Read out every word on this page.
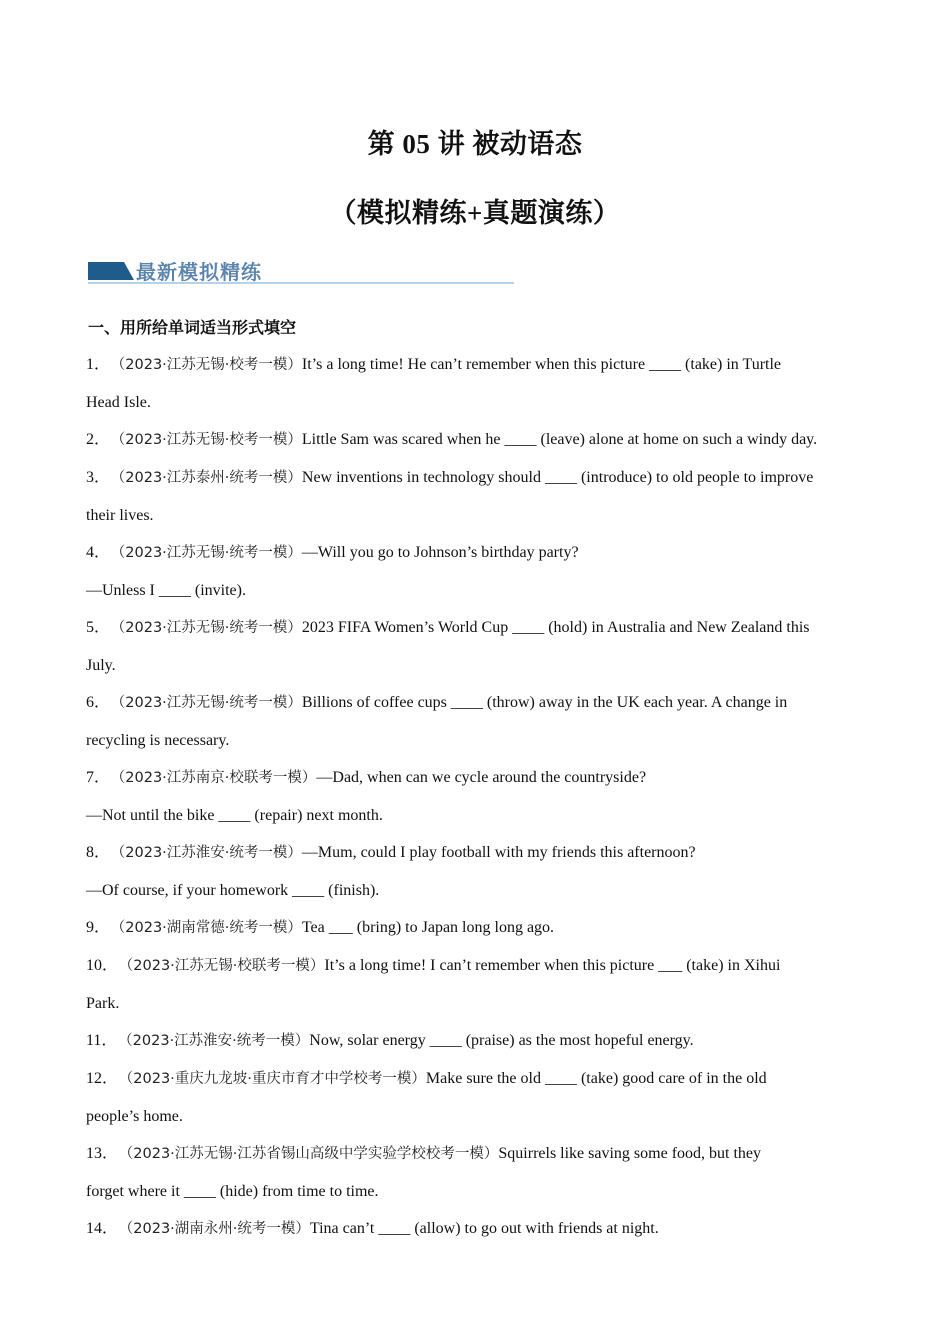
第 05 讲 被动语态
（模拟精练+真题演练）
最新模拟精练
一、用所给单词适当形式填空
1． （2023·江苏无锡·校考一模）It’s a long time! He can’t remember when this picture ____ (take) in Turtle
Head Isle.
2． （2023·江苏无锡·校考一模）Little Sam was scared when he ____ (leave) alone at home on such a windy day.
3． （2023·江苏泰州·统考一模）New inventions in technology should ____ (introduce) to old people to improve
their lives.
4． （2023·江苏无锡·统考一模）—Will you go to Johnson’s birthday party?
—Unless I ____ (invite).
5． （2023·江苏无锡·统考一模）2023 FIFA Women’s World Cup ____ (hold) in Australia and New Zealand this
July.
6． （2023·江苏无锡·统考一模）Billions of coffee cups ____ (throw) away in the UK each year. A change in
recycling is necessary.
7． （2023·江苏南京·校联考一模）—Dad, when can we cycle around the countryside?
—Not until the bike ____ (repair) next month.
8． （2023·江苏淮安·统考一模）—Mum, could I play football with my friends this afternoon?
—Of course, if your homework ____ (finish).
9． （2023·湖南常德·统考一模）Tea ___ (bring) to Japan long long ago.
10． （2023·江苏无锡·校联考一模）It’s a long time! I can’t remember when this picture ___ (take) in Xihui
Park.
11． （2023·江苏淮安·统考一模）Now, solar energy ____ (praise) as the most hopeful energy.
12． （2023·重庆九龙坡·重庆市育才中学校考一模）Make sure the old ____ (take) good care of in the old
people’s home.
13． （2023·江苏无锡·江苏省锡山高级中学实验学校校考一模）Squirrels like saving some food, but they
forget where it ____ (hide) from time to time.
14． （2023·湖南永州·统考一模）Tina can’t ____ (allow) to go out with friends at night.
